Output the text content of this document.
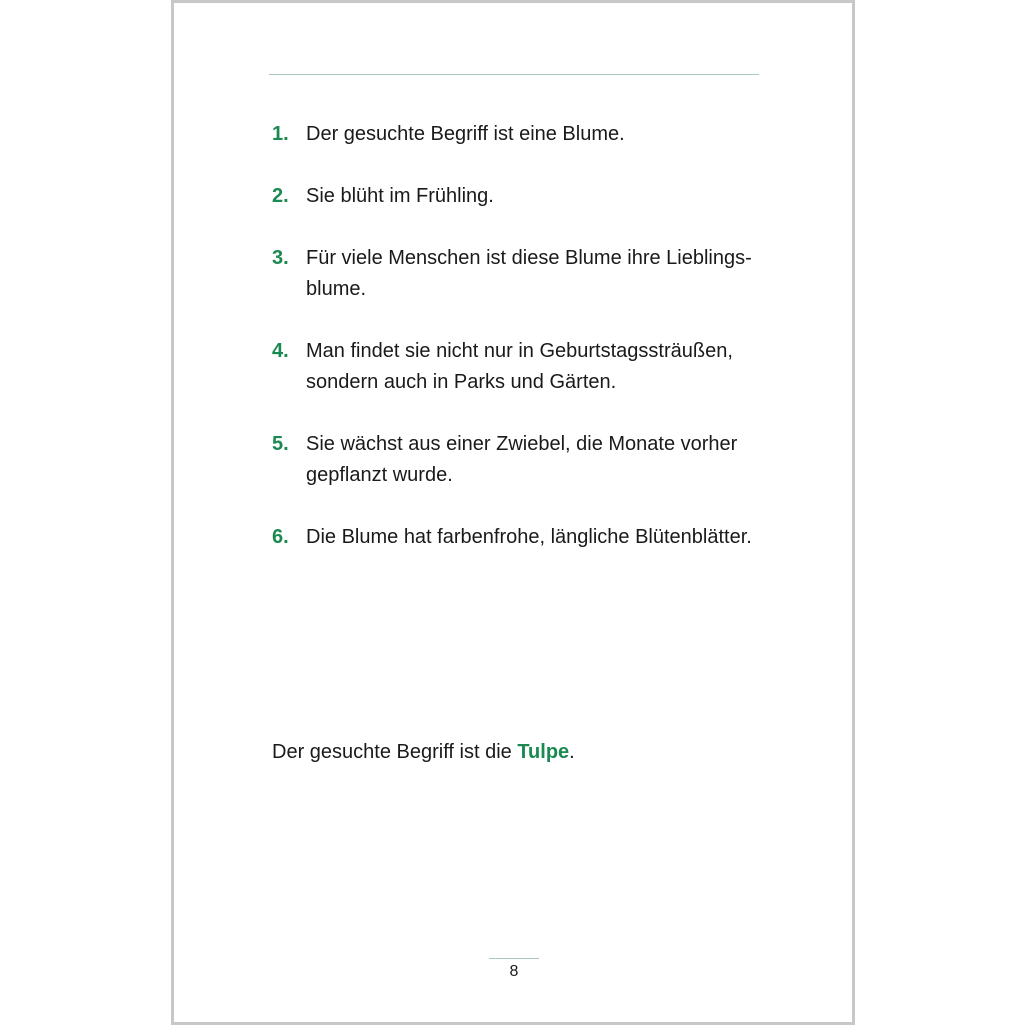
1. Der gesuchte Begriff ist eine Blume.
2. Sie blüht im Frühling.
3. Für viele Menschen ist diese Blume ihre Lieblings-
blume.
4. Man findet sie nicht nur in Geburtstagssträußen,
sondern auch in Parks und Gärten.
5. Sie wächst aus einer Zwiebel, die Monate vorher
gepflanzt wurde.
6. Die Blume hat farbenfrohe, längliche Blütenblätter.
Der gesuchte Begriff ist die Tulpe.
8
